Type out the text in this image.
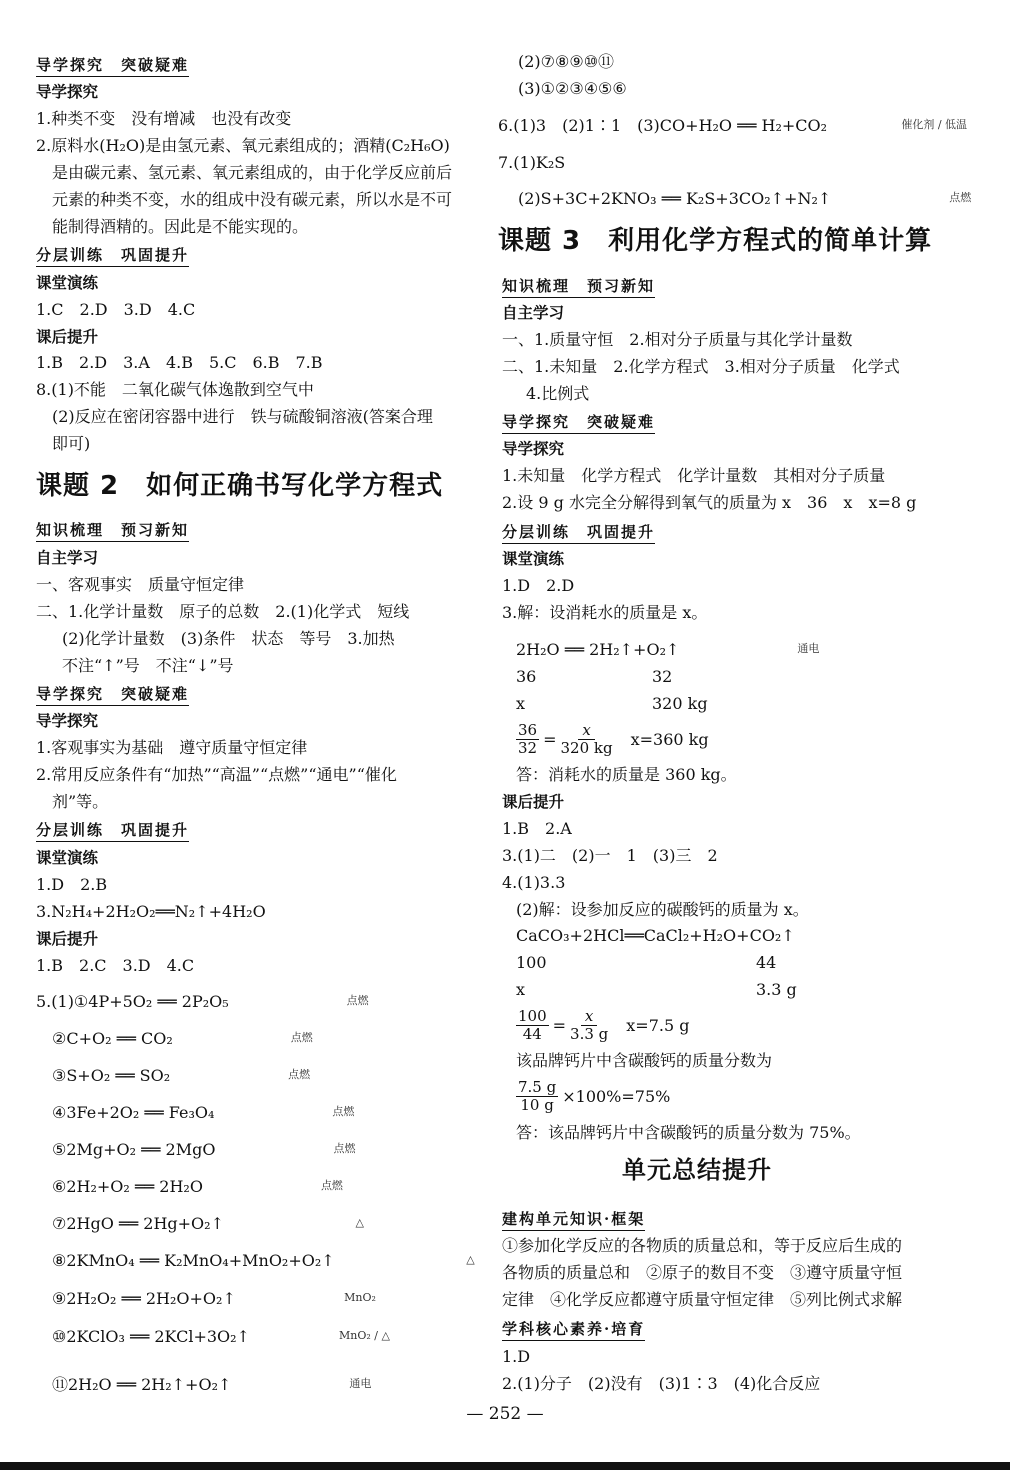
导学探究　突破疑难
导学探究
1.种类不变　没有增减　也没有改变
2.原料水(H₂O)是由氢元素、氧元素组成的；酒精(C₂H₆O)
是由碳元素、氢元素、氧元素组成的，由于化学反应前后
元素的种类不变，水的组成中没有碳元素，所以水是不可
能制得酒精的。因此是不能实现的。
分层训练　巩固提升
课堂演练
1.C　2.D　3.D　4.C
课后提升
1.B　2.D　3.A　4.B　5.C　6.B　7.B
8.(1)不能　二氧化碳气体逸散到空气中
(2)反应在密闭容器中进行　铁与硫酸铜溶液(答案合理
即可)
课题 2　如何正确书写化学方程式
知识梳理　预习新知
自主学习
一、客观事实　质量守恒定律
二、1.化学计量数　原子的总数　2.(1)化学式　短线
(2)化学计量数　(3)条件　状态　等号　3.加热
不注“↑”号　不注“↓”号
导学探究　突破疑难
导学探究
1.客观事实为基础　遵守质量守恒定律
2.常用反应条件有“加热”“高温”“点燃”“通电”“催化
剂”等。
分层训练　巩固提升
课堂演练
1.D　2.B
3.N₂H₄+2H₂O₂══N₂↑+4H₂O
课后提升
1.B　2.C　3.D　4.C
5.(1)①4P+5O₂ ══ 2P₂O₅	点燃
②C+O₂ ══ CO₂	点燃
③S+O₂ ══ SO₂	点燃
④3Fe+2O₂ ══ Fe₃O₄	点燃
⑤2Mg+O₂ ══ 2MgO	点燃
⑥2H₂+O₂ ══ 2H₂O	点燃
⑦2HgO ══ 2Hg+O₂↑	△
⑧2KMnO₄ ══ K₂MnO₄+MnO₂+O₂↑	△
⑨2H₂O₂ ══ 2H₂O+O₂↑	MnO₂
⑩2KClO₃ ══ 2KCl+3O₂↑	MnO₂ / △
⑪2H₂O ══ 2H₂↑+O₂↑	通电
(2)⑦⑧⑨⑩⑪
(3)①②③④⑤⑥
6.(1)3　(2)1∶1　(3)CO+H₂O ══ H₂+CO₂	催化剂 / 低温
7.(1)K₂S
(2)S+3C+2KNO₃ ══ K₂S+3CO₂↑+N₂↑	点燃
课题 3　利用化学方程式的简单计算
知识梳理　预习新知
自主学习
一、1.质量守恒　2.相对分子质量与其化学计量数
二、1.未知量　2.化学方程式　3.相对分子质量　化学式
4.比例式
导学探究　突破疑难
导学探究
1.未知量　化学方程式　化学计量数　其相对分子质量
2.设 9 g 水完全分解得到氧气的质量为 x　36　x　x=8 g
分层训练　巩固提升
课堂演练
1.D　2.D
3.解：设消耗水的质量是 x。
2H₂O ══ 2H₂↑+O₂↑	通电
36	32
x	320 kg
$\frac{36}{32} = \frac{x}{320 kg} x=360$ kg
答：消耗水的质量是 360 kg。
课后提升
1.B　2.A
3.(1)二　(2)一　1　(3)三　2
4.(1)3.3
(2)解：设参加反应的碳酸钙的质量为 x。
CaCO₃+2HCl══CaCl₂+H₂O+CO₂↑
100	44
x	3.3 g
$\frac{100}{44} = \frac{x}{3.3 g} x=7.5$ g
该品牌钙片中含碳酸钙的质量分数为
$\frac{7.5 g}{10 g} \times 100\%=75\%$
答：该品牌钙片中含碳酸钙的质量分数为 75%。
单元总结提升
建构单元知识·框架
①参加化学反应的各物质的质量总和，等于反应后生成的
各物质的质量总和　②原子的数目不变　③遵守质量守恒
定律　④化学反应都遵守质量守恒定律　⑤列比例式求解
学科核心素养·培育
1.D
2.(1)分子　(2)没有　(3)1∶3　(4)化合反应
— 252 —
